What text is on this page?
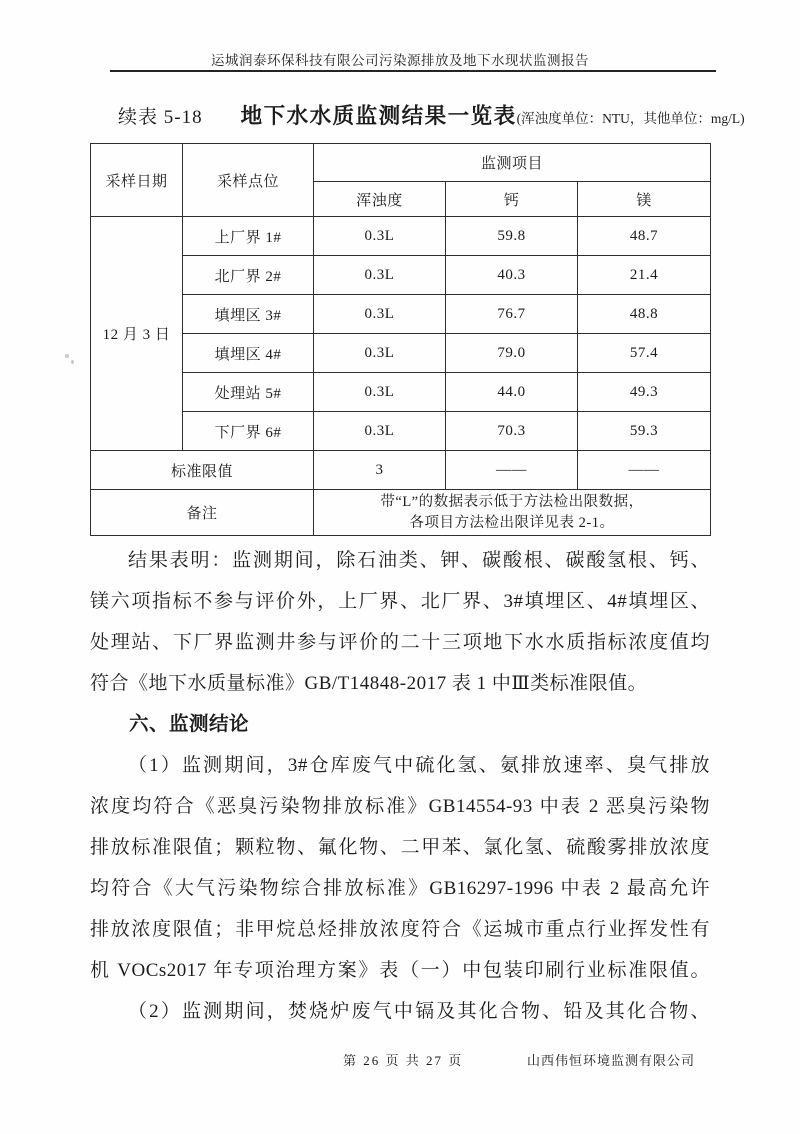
运城润泰环保科技有限公司污染源排放及地下水现状监测报告
续表 5-18 地下水水质监测结果一览表 (浑浊度单位：NTU，其他单位：mg/L)
采样日期	采样点位	监测项目		
		浑浊度	钙	镁
12 月 3 日	上厂界 1#	0.3L	59.8	48.7
	北厂界 2#	0.3L	40.3	21.4
	填埋区 3#	0.3L	76.7	48.8
	填埋区 4#	0.3L	79.0	57.4
	处理站 5#	0.3L	44.0	49.3
	下厂界 6#	0.3L	70.3	59.3
标准限值		3	——	——
备注		带“L”的数据表示低于方法检出限数据，
各项目方法检出限详见表 2-1。		
结果表明：监测期间，除石油类、钾、碳酸根、碳酸氢根、钙、
镁六项指标不参与评价外，上厂界、北厂界、3#填埋区、4#填埋区、
处理站、下厂界监测井参与评价的二十三项地下水水质指标浓度值均
符合《地下水质量标准》GB/T14848-2017 表 1 中Ⅲ类标准限值。
六、监测结论
（1）监测期间，3#仓库废气中硫化氢、氨排放速率、臭气排放
浓度均符合《恶臭污染物排放标准》GB14554-93 中表 2 恶臭污染物
排放标准限值；颗粒物、氟化物、二甲苯、氯化氢、硫酸雾排放浓度
均符合《大气污染物综合排放标准》GB16297-1996 中表 2 最高允许
排放浓度限值；非甲烷总烃排放浓度符合《运城市重点行业挥发性有
机 VOCs2017 年专项治理方案》表（一）中包装印刷行业标准限值。
（2）监测期间，焚烧炉废气中镉及其化合物、铅及其化合物、
第 26 页 共 27 页	山西伟恒环境监测有限公司
